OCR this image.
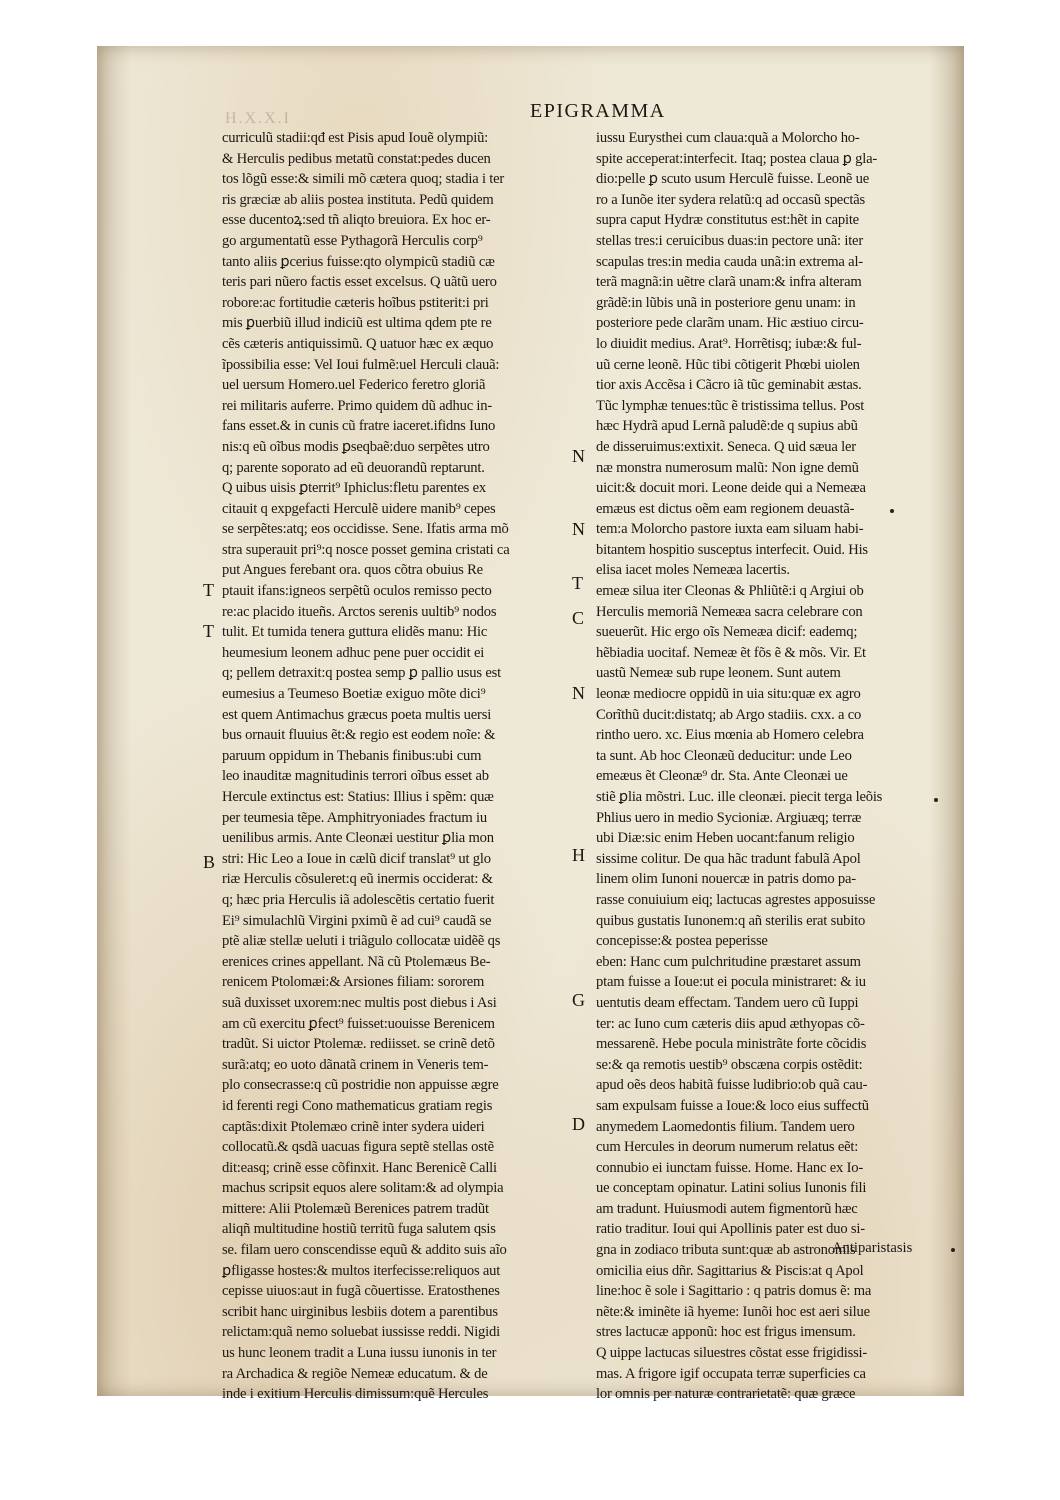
H.X.X.I	EPIGRAMMA
curriculũ stadii:qđ est Pisis apud Iouẽ olympiũ:
& Herculis pedibus metatũ constat:pedes ducen
tos lõgũ esse:& simili mõ cætera quoq; stadia i ter
ris græciæ ab aliis postea instituta. Pedũ quidem
esse ducentoꝝ:sed tñ aliqto breuiora. Ex hoc er-
go argumentatũ esse Pythagorã Herculis corp⁹
tanto aliis ꝑcerius fuisse:qto olympicũ stadiũ cæ
teris pari nũero factis esset excelsus. Q uãtũ uero
robore:ac fortitudie cæteris hoĩbus pstiterit:i pri
mis ꝑuerbiũ illud indiciũ est ultima qdem pte re
cẽs cæteris antiquissimũ. Q uatuor hæc ex æquo
ĩpossibilia esse: Vel Ioui fulmẽ:uel Herculi clauã:
uel uersum Homero.uel Federico feretro gloriã
rei militaris auferre. Primo quidem dũ adhuc in-
fans esset.& in cunis cũ fratre iaceret.ifidns Iuno
nis:q eũ oĩbus modis ꝑseqbaẽ:duo serpẽtes utro
q; parente soporato ad eũ deuorandũ reptarunt.
Q uibus uisis ꝑterrit⁹ Iphiclus:fletu parentes ex
citauit q expgefacti Herculẽ uidere manib⁹ cepes
se serpẽtes:atq; eos occidisse. Sene. Ifatis arma mõ
stra superauit pri⁹:q nosce posset gemina cristati ca
put Angues ferebant ora. quos cõtra obuius Re
ptauit ifans:igneos serpẽtũ oculos remisso pecto
re:ac placido itueñs. Arctos serenis uultib⁹ nodos
tulit. Et tumida tenera guttura elidẽs manu: Hic
heumesium leonem adhuc pene puer occidit ei
q; pellem detraxit:q postea semp ꝑ pallio usus est
eumesius a Teumeso Boetiæ exiguo mõte dici⁹
est quem Antimachus græcus poeta multis uersi
bus ornauit fluuius ẽt:& regio est eodem noĩe: &
paruum oppidum in Thebanis finibus:ubi cum
leo inauditæ magnitudinis terrori oĩbus esset ab
Hercule extinctus est: Statius: Illius i spẽm: quæ
per teumesia tẽpe. Amphitryoniades fractum iu
uenilibus armis. Ante Cleonæi uestitur ꝑlia mon
stri: Hic Leo a Ioue in cælũ dicif translat⁹ ut glo
riæ Herculis cõsuleret:q eũ inermis occiderat: &
q; hæc pria Herculis iã adolescẽtis certatio fuerit
Ei⁹ simulachlũ Virgini pximũ ẽ ad cui⁹ caudã se
ptẽ aliæ stellæ ueluti i triãgulo collocatæ uidẽẽ qs
erenices crines appellant. Nã cũ Ptolemæus Be-
renicem Ptolomæi:& Arsiones filiam: sororem
suã duxisset uxorem:nec multis post diebus i Asi
am cũ exercitu ꝑfect⁹ fuisset:uouisse Berenicem
tradũt. Si uictor Ptolemæ. rediisset. se crinẽ detõ
surã:atq; eo uoto dãnatã crinem in Veneris tem-
plo consecrasse:q cũ postridie non appuisse ægre
id ferenti regi Cono mathematicus gratiam regis
captãs:dixit Ptolemæo crinẽ inter sydera uideri
collocatũ.& qsdã uacuas figura septẽ stellas ostẽ
dit:easq; crinẽ esse cõfinxit. Hanc Berenicẽ Calli
machus scripsit equos alere solitam:& ad olympia
mittere: Alii Ptolemæũ Berenices patrem tradũt
aliqñ multitudine hostiũ territũ fuga salutem qsis
se. filam uero conscendisse equũ & addito suis aĩo
ꝑfligasse hostes:& multos iterfecisse:reliquos aut
cepisse uiuos:aut in fugã cõuertisse. Eratosthenes
scribit hanc uirginibus lesbiis dotem a parentibus
relictam:quã nemo soluebat iussisse reddi. Nigidi
us hunc leonem tradit a Luna iussu iunonis in ter
ra Archadica & regiõe Nemeæ educatum. & de
inde i exitium Herculis dimissum:quẽ Hercules
iussu Eurysthei cum claua:quã a Molorcho ho-
spite acceperat:interfecit. Itaq; postea claua ꝑ gla-
dio:pelle ꝑ scuto usum Herculẽ fuisse. Leonẽ ue
ro a Iunõe iter sydera relatũ:q ad occasũ spectãs
supra caput Hydræ constitutus est:hẽt in capite
stellas tres:i ceruicibus duas:in pectore unã: iter
scapulas tres:in media cauda unã:in extrema al-
terã magnã:in uẽtre clarã unam:& infra alteram
grãdẽ:in lũbis unã in posteriore genu unam: in
posteriore pede clarãm unam. Hic æstiuo circu-
lo diuidit medius. Arat⁹. Horrẽtisq; iubæ:& ful-
uũ cerne leonẽ. Hũc tibi cõtigerit Phœbi uiolen
tior axis Accẽsa i Cãcro iã tũc geminabit æstas.
Tũc lymphæ tenues:tũc ẽ tristissima tellus. Post
hæc Hydrã apud Lernã paludẽ:de q supius abũ
de disseruimus:extixit. Seneca. Q uid sæua ler
næ monstra numerosum malũ: Non igne demũ
uicit:& docuit mori. Leone deide qui a Nemeæa
emæus est dictus oẽm eam regionem deuastã-
tem:a Molorcho pastore iuxta eam siluam habi-
bitantem hospitio susceptus interfecit. Ouid. His
elisa iacet moles Nemeæa lacertis.
emeæ silua iter Cleonas & Phliũtẽ:i q Argiui ob
Herculis memoriã Nemeæa sacra celebrare con
sueuerũt. Hic ergo oĩs Nemeæa dicif: eademq;
hẽbiadia uocitaf. Nemeæ ẽt fõs ẽ & mõs. Vir. Et
uastũ Nemeæ sub rupe leonem. Sunt autem
leonæ mediocre oppidũ in uia situ:quæ ex agro
Corĩthũ ducit:distatq; ab Argo stadiis. cxx. a co
rintho uero. xc. Eius mœnia ab Homero celebra
ta sunt. Ab hoc Cleonæũ deducitur: unde Leo
emeæus ẽt Cleonæ⁹ dr. Sta. Ante Cleonæi ue
stiẽ ꝑlia mõstri. Luc. ille cleonæi. piecit terga leõis
Phlius uero in medio Sycioniæ. Argiuæq; terræ
ubi Diæ:sic enim Heben uocant:fanum religio
sissime colitur. De qua hãc tradunt fabulã Apol
linem olim Iunoni nouercæ in patris domo pa-
rasse conuiuium eiq; lactucas agrestes apposuisse
quibus gustatis Iunonem:q añ sterilis erat subito
concepisse:& postea peperisse
eben: Hanc cum pulchritudine præstaret assum
ptam fuisse a Ioue:ut ei pocula ministraret: & iu
uentutis deam effectam. Tandem uero cũ Iuppi
ter: ac Iuno cum cæteris diis apud æthyopas cõ-
messarenẽ. Hebe pocula ministrãte forte cõcidis
se:& qa remotis uestib⁹ obscæna corpis ostẽdit:
apud oẽs deos habitã fuisse ludibrio:ob quã cau-
sam expulsam fuisse a Ioue:& loco eius suffectũ
anymedem Laomedontis filium. Tandem uero
cum Hercules in deorum numerum relatus eẽt:
connubio ei iunctam fuisse. Home. Hanc ex Io-
ue conceptam opinatur. Latini solius Iunonis fili
am tradunt. Huiusmodi autem figmentorũ hæc
ratio traditur. Ioui qui Apollinis pater est duo si-
gna in zodiaco tributa sunt:quæ ab astronomis
omicilia eius dñr. Sagittarius & Piscis:at q Apol
line:hoc ẽ sole i Sagittario : q patris domus ẽ: ma
nẽte:& iminẽte iã hyeme: Iunõi hoc est aeri silue
stres lactucæ apponũ: hoc est frigus imensum.
Q uippe lactucas siluestres cõstat esse frigidissi-
mas. A frigore igif occupata terræ superficies ca
lor omnis per naturæ contrarietatẽ: quæ græce
T
T
B
N
N
T
C
N
H
G
D
Antiparistasis
